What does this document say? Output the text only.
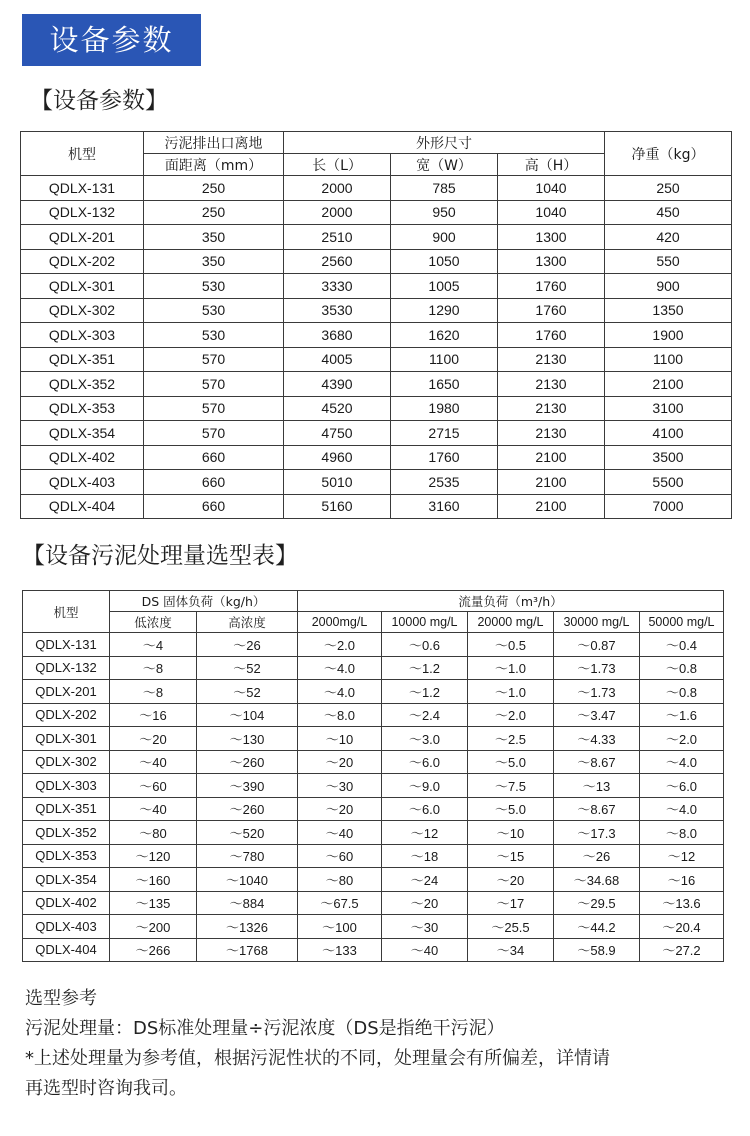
设备参数
【设备参数】
机型	污泥排出口离地	外形尺寸			净重（kg）
	面距离（mm）	长（L）	宽（W）	高（H）	
QDLX-131	250	2000	785	1040	250
QDLX-132	250	2000	950	1040	450
QDLX-201	350	2510	900	1300	420
QDLX-202	350	2560	1050	1300	550
QDLX-301	530	3330	1005	1760	900
QDLX-302	530	3530	1290	1760	1350
QDLX-303	530	3680	1620	1760	1900
QDLX-351	570	4005	1100	2130	1100
QDLX-352	570	4390	1650	2130	2100
QDLX-353	570	4520	1980	2130	3100
QDLX-354	570	4750	2715	2130	4100
QDLX-402	660	4960	1760	2100	3500
QDLX-403	660	5010	2535	2100	5500
QDLX-404	660	5160	3160	2100	7000
【设备污泥处理量选型表】
机型	DS 固体负荷（kg/h）		流量负荷（m³/h）				
	低浓度	高浓度	2000mg/L	10000 mg/L	20000 mg/L	30000 mg/L	50000 mg/L
QDLX-131	～4	～26	～2.0	～0.6	～0.5	～0.87	～0.4
QDLX-132	～8	～52	～4.0	～1.2	～1.0	～1.73	～0.8
QDLX-201	～8	～52	～4.0	～1.2	～1.0	～1.73	～0.8
QDLX-202	～16	～104	～8.0	～2.4	～2.0	～3.47	～1.6
QDLX-301	～20	～130	～10	～3.0	～2.5	～4.33	～2.0
QDLX-302	～40	～260	～20	～6.0	～5.0	～8.67	～4.0
QDLX-303	～60	～390	～30	～9.0	～7.5	～13	～6.0
QDLX-351	～40	～260	～20	～6.0	～5.0	～8.67	～4.0
QDLX-352	～80	～520	～40	～12	～10	～17.3	～8.0
QDLX-353	～120	～780	～60	～18	～15	～26	～12
QDLX-354	～160	～1040	～80	～24	～20	～34.68	～16
QDLX-402	～135	～884	～67.5	～20	～17	～29.5	～13.6
QDLX-403	～200	～1326	～100	～30	～25.5	～44.2	～20.4
QDLX-404	～266	～1768	～133	～40	～34	～58.9	～27.2
选型参考
污泥处理量：DS标准处理量÷污泥浓度（DS是指绝干污泥）
*上述处理量为参考值，根据污泥性状的不同，处理量会有所偏差，详情请
再选型时咨询我司。
